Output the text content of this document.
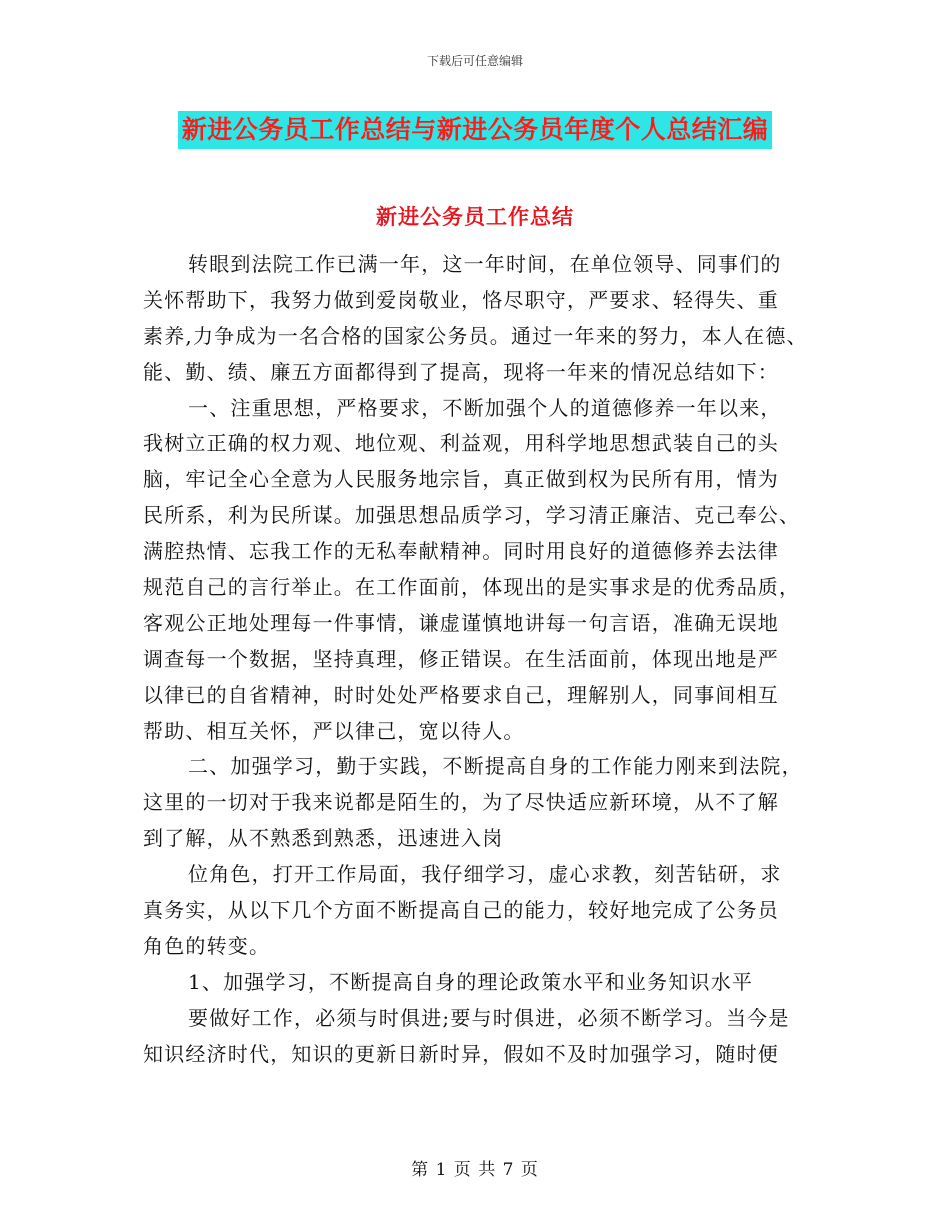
下载后可任意编辑
新进公务员工作总结与新进公务员年度个人总结汇编
新进公务员工作总结
转眼到法院工作已满一年，这一年时间，在单位领导、同事们的
关怀帮助下，我努力做到爱岗敬业，恪尽职守，严要求、轻得失、重
素养,力争成为一名合格的国家公务员。通过一年来的努力，本人在德、
能、勤、绩、廉五方面都得到了提高，现将一年来的情况总结如下：
一、注重思想，严格要求，不断加强个人的道德修养一年以来，
我树立正确的权力观、地位观、利益观，用科学地思想武装自己的头
脑，牢记全心全意为人民服务地宗旨，真正做到权为民所有用，情为
民所系，利为民所谋。加强思想品质学习，学习清正廉洁、克己奉公、
满腔热情、忘我工作的无私奉献精神。同时用良好的道德修养去法律
规范自己的言行举止。在工作面前，体现出的是实事求是的优秀品质，
客观公正地处理每一件事情，谦虚谨慎地讲每一句言语，准确无误地
调查每一个数据，坚持真理，修正错误。在生活面前，体现出地是严
以律已的自省精神，时时处处严格要求自己，理解别人，同事间相互
帮助、相互关怀，严以律己，宽以待人。
二、加强学习，勤于实践，不断提高自身的工作能力刚来到法院，
这里的一切对于我来说都是陌生的，为了尽快适应新环境，从不了解
到了解，从不熟悉到熟悉，迅速进入岗
位角色，打开工作局面，我仔细学习，虚心求教，刻苦钻研，求
真务实，从以下几个方面不断提高自己的能力，较好地完成了公务员
角色的转变。
1、加强学习，不断提高自身的理论政策水平和业务知识水平
要做好工作，必须与时俱进;要与时俱进，必须不断学习。当今是
知识经济时代，知识的更新日新时异，假如不及时加强学习，随时便
第 1 页 共 7 页
